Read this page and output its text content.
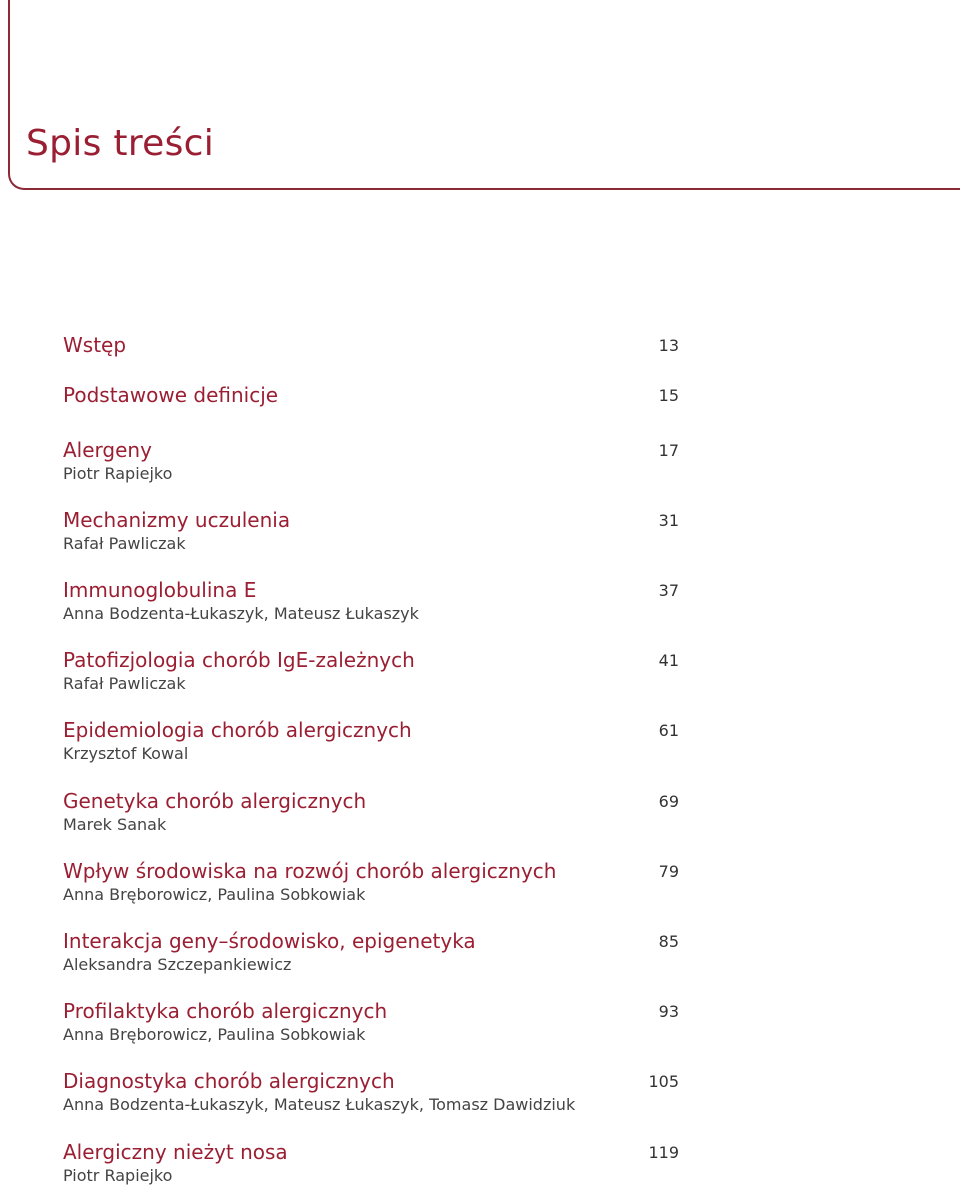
Spis treści
Wstęp	13
Podstawowe definicje	15
Alergeny	17
Piotr Rapiejko
Mechanizmy uczulenia	31
Rafał Pawliczak
Immunoglobulina E	37
Anna Bodzenta-Łukaszyk, Mateusz Łukaszyk
Patofizjologia chorób IgE-zależnych	41
Rafał Pawliczak
Epidemiologia chorób alergicznych	61
Krzysztof Kowal
Genetyka chorób alergicznych	69
Marek Sanak
Wpływ środowiska na rozwój chorób alergicznych	79
Anna Bręborowicz, Paulina Sobkowiak
Interakcja geny–środowisko, epigenetyka	85
Aleksandra Szczepankiewicz
Profilaktyka chorób alergicznych	93
Anna Bręborowicz, Paulina Sobkowiak
Diagnostyka chorób alergicznych	105
Anna Bodzenta-Łukaszyk, Mateusz Łukaszyk, Tomasz Dawidziuk
Alergiczny nieżyt nosa	119
Piotr Rapiejko
